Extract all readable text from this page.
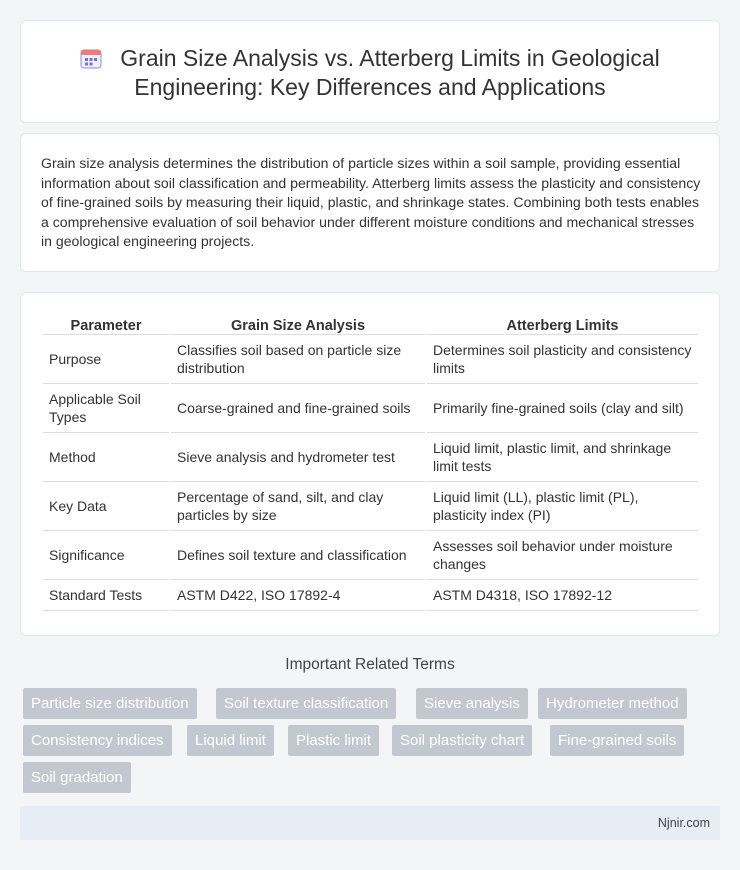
Grain Size Analysis vs. Atterberg Limits in Geological
Engineering: Key Differences and Applications

Grain size analysis determines the distribution of particle sizes within a soil sample, providing essential information about soil classification and permeability. Atterberg limits assess the plasticity and consistency of fine-grained soils by measuring their liquid, plastic, and shrinkage states. Combining both tests enables a comprehensive evaluation of soil behavior under different moisture conditions and mechanical stresses in geological engineering projects.

Parameter	Grain Size Analysis	Atterberg Limits
Purpose	Classifies soil based on particle size distribution	Determines soil plasticity and consistency limits
Applicable Soil Types	Coarse-grained and fine-grained soils	Primarily fine-grained soils (clay and silt)
Method	Sieve analysis and hydrometer test	Liquid limit, plastic limit, and shrinkage limit tests
Key Data	Percentage of sand, silt, and clay particles by size	Liquid limit (LL), plastic limit (PL), plasticity index (PI)
Significance	Defines soil texture and classification	Assesses soil behavior under moisture changes
Standard Tests	ASTM D422, ISO 17892-4	ASTM D4318, ISO 17892-12
Important Related Terms
Particle size distribution	Soil texture classification	Sieve analysis	Hydrometer method
Consistency indices	Liquid limit	Plastic limit	Soil plasticity chart	Fine-grained soils
Soil gradation
Njnir.com
